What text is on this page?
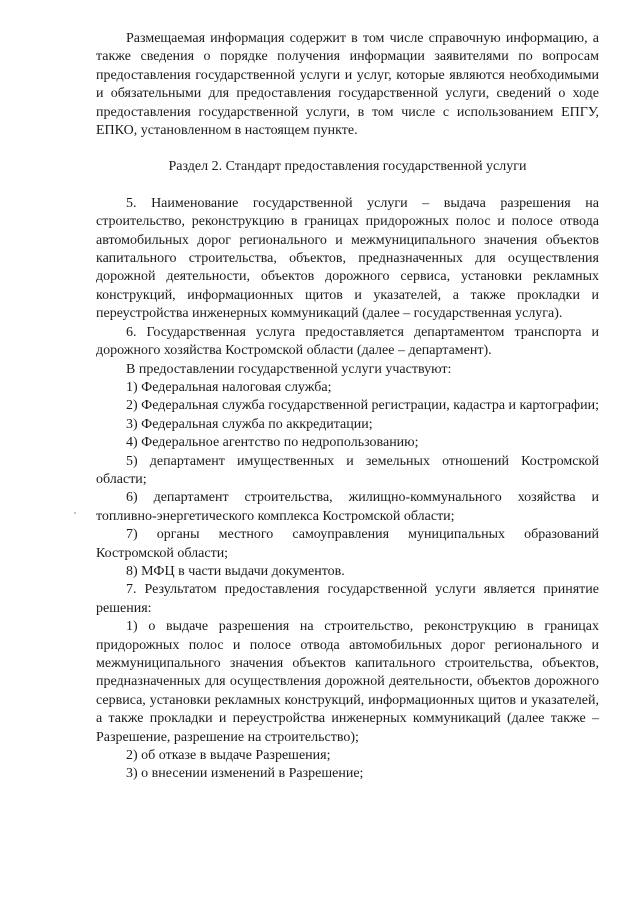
Размещаемая информация содержит в том числе справочную информацию, а также сведения о порядке получения информации заявителями по вопросам предоставления государственной услуги и услуг, которые являются необходимыми и обязательными для предоставления государственной услуги, сведений о ходе предоставления государственной услуги, в том числе с использованием ЕПГУ, ЕПКО, установленном в настоящем пункте.

Раздел 2. Стандарт предоставления государственной услуги

5. Наименование государственной услуги – выдача разрешения на строительство, реконструкцию в границах придорожных полос и полосе отвода автомобильных дорог регионального и межмуниципального значения объектов капитального строительства, объектов, предназначенных для осуществления дорожной деятельности, объектов дорожного сервиса, установки рекламных конструкций, информационных щитов и указателей, а также прокладки и переустройства инженерных коммуникаций (далее – государственная услуга).

6. Государственная услуга предоставляется департаментом транспорта и дорожного хозяйства Костромской области (далее – департамент).

В предоставлении государственной услуги участвуют:

1) Федеральная налоговая служба;

2) Федеральная служба государственной регистрации, кадастра и картографии;

3) Федеральная служба по аккредитации;

4) Федеральное агентство по недропользованию;

5) департамент имущественных и земельных отношений Костромской области;

6) департамент строительства, жилищно-коммунального хозяйства и топливно-энергетического комплекса Костромской области;

7) органы местного самоуправления муниципальных образований Костромской области;

8) МФЦ в части выдачи документов.

7. Результатом предоставления государственной услуги является принятие решения:

1) о выдаче разрешения на строительство, реконструкцию в границах придорожных полос и полосе отвода автомобильных дорог регионального и межмуниципального значения объектов капитального строительства, объектов, предназначенных для осуществления дорожной деятельности, объектов дорожного сервиса, установки рекламных конструкций, информационных щитов и указателей, а также прокладки и переустройства инженерных коммуникаций (далее также – Разрешение, разрешение на строительство);

2) об отказе в выдаче Разрешения;

3) о внесении изменений в Разрешение;
